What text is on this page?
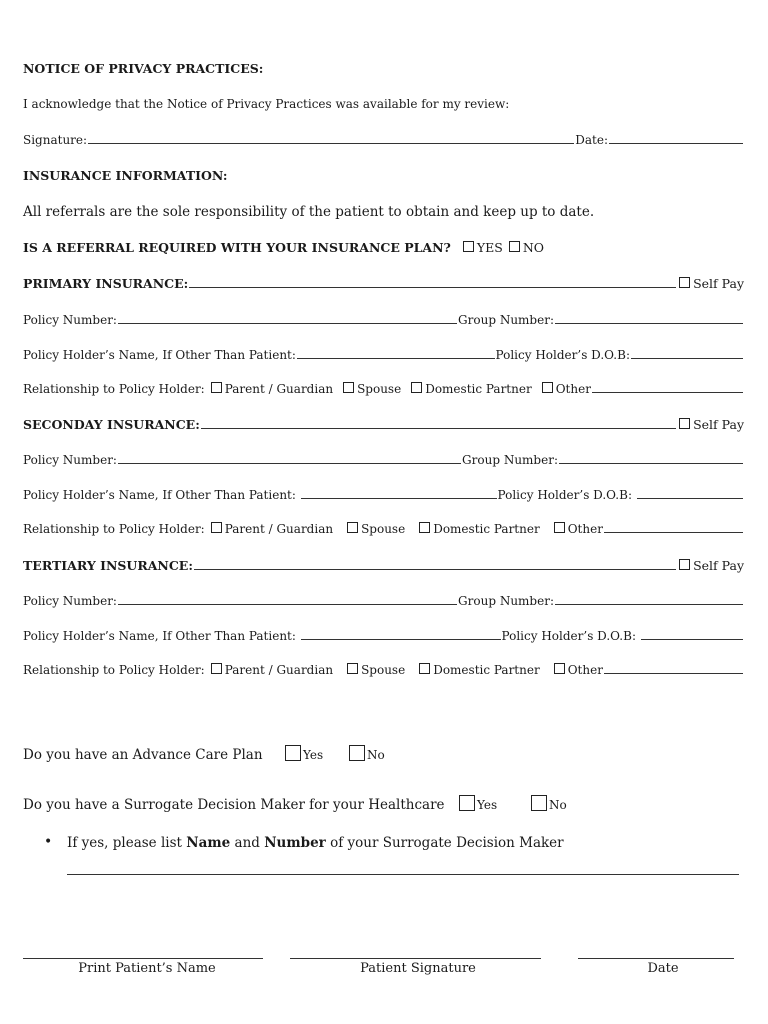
NOTICE OF PRIVACY PRACTICES:
I acknowledge that the Notice of Privacy Practices was available for my review:
Signature:	Date:
INSURANCE INFORMATION:
All referrals are the sole responsibility of the patient to obtain and keep up to date.
IS A REFERRAL REQUIRED WITH YOUR INSURANCE PLAN? YES NO
PRIMARY INSURANCE:	Self Pay
Policy Number:	Group Number:
Policy Holder’s Name, If Other Than Patient:	Policy Holder’s D.O.B:
Relationship to Policy Holder: Parent / Guardian Spouse Domestic Partner Other
SECONDAY INSURANCE:	Self Pay
Policy Number:	Group Number:
Policy Holder’s Name, If Other Than Patient:	Policy Holder’s D.O.B:
Relationship to Policy Holder: Parent / Guardian Spouse Domestic Partner Other
TERTIARY INSURANCE:	Self Pay
Policy Number:	Group Number:
Policy Holder’s Name, If Other Than Patient:	Policy Holder’s D.O.B:
Relationship to Policy Holder: Parent / Guardian Spouse Domestic Partner Other
Do you have an Advance Care Plan	Yes	No
Do you have a Surrogate Decision Maker for your Healthcare	Yes	No
• If yes, please list
Name
and
Number
of your Surrogate Decision Maker
Print Patient’s Name	Patient Signature	Date
